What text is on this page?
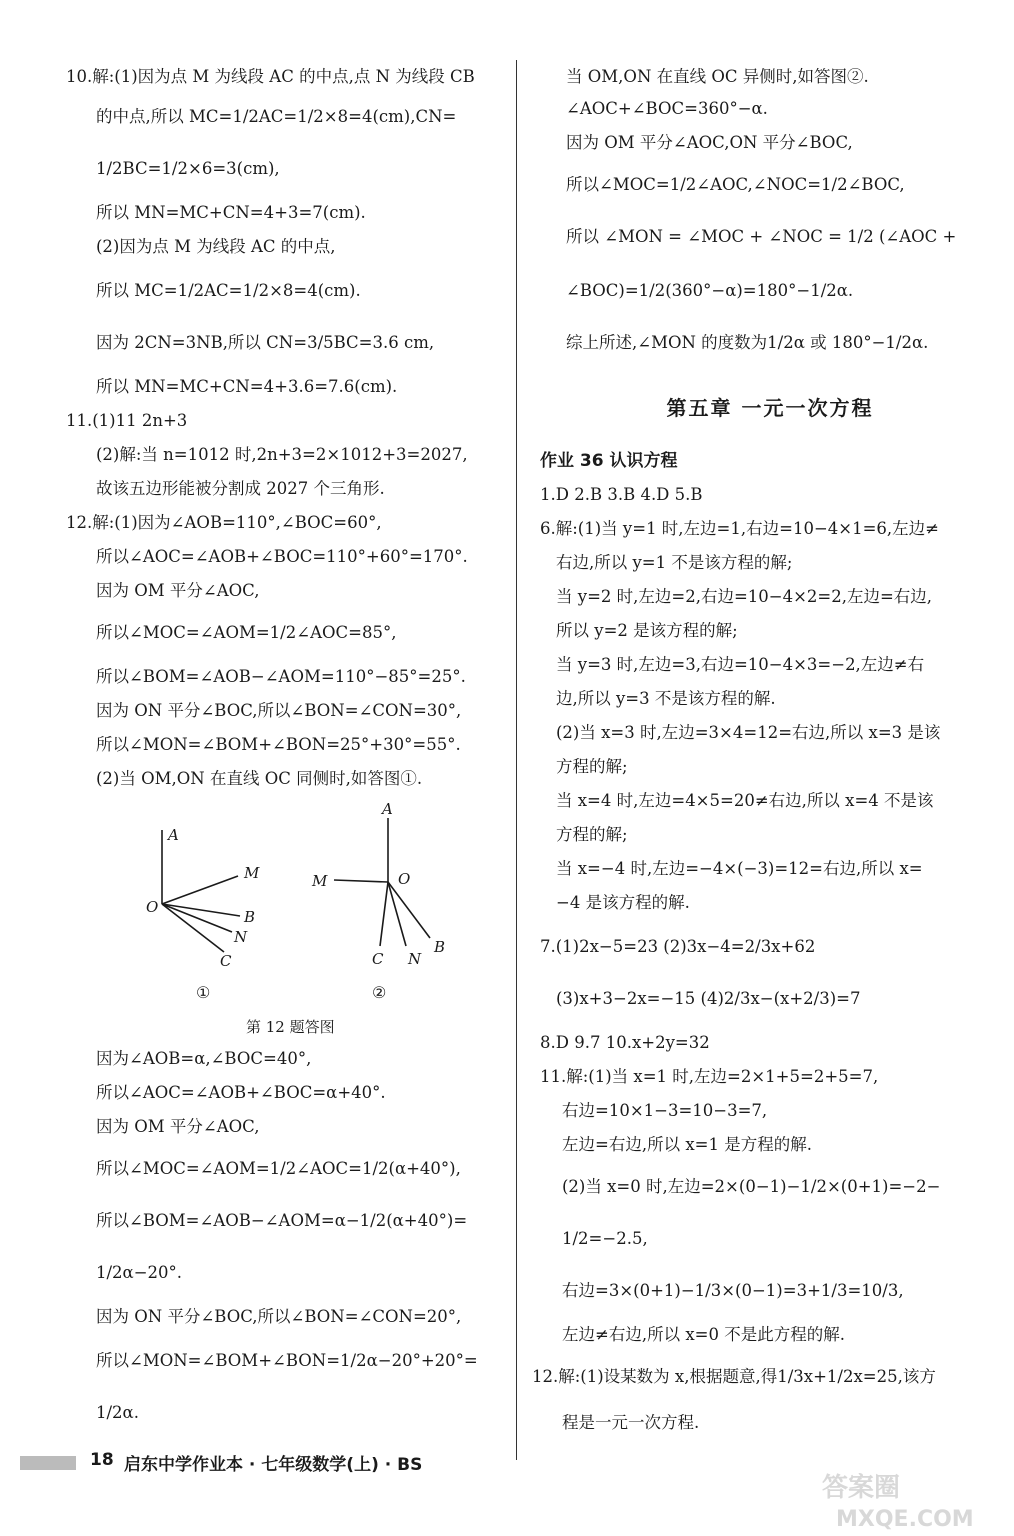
10.解:(1)因为点 M 为线段 AC 的中点,点 N 为线段 CB
的中点,所以 MC=1/2AC=1/2×8=4(cm),CN=
1/2BC=1/2×6=3(cm),
所以 MN=MC+CN=4+3=7(cm).
(2)因为点 M 为线段 AC 的中点,
所以 MC=1/2AC=1/2×8=4(cm).
因为 2CN=3NB,所以 CN=3/5BC=3.6 cm,
所以 MN=MC+CN=4+3.6=7.6(cm).
11.(1)11 2n+3
(2)解:当 n=1012 时,2n+3=2×1012+3=2027,
故该五边形能被分割成 2027 个三角形.
12.解:(1)因为∠AOB=110°,∠BOC=60°,
所以∠AOC=∠AOB+∠BOC=110°+60°=170°.
因为 OM 平分∠AOC,
所以∠MOC=∠AOM=1/2∠AOC=85°,
所以∠BOM=∠AOB−∠AOM=110°−85°=25°.
因为 ON 平分∠BOC,所以∠BON=∠CON=30°,
所以∠MON=∠BOM+∠BON=25°+30°=55°.
(2)当 OM,ON 在直线 OC 同侧时,如答图①.
因为∠AOB=α,∠BOC=40°,
所以∠AOC=∠AOB+∠BOC=α+40°.
因为 OM 平分∠AOC,
所以∠MOC=∠AOM=1/2∠AOC=1/2(α+40°),
所以∠BOM=∠AOB−∠AOM=α−1/2(α+40°)=
1/2α−20°.
因为 ON 平分∠BOC,所以∠BON=∠CON=20°,
所以∠MON=∠BOM+∠BON=1/2α−20°+20°=
1/2α.
当 OM,ON 在直线 OC 异侧时,如答图②.
∠AOC+∠BOC=360°−α.
因为 OM 平分∠AOC,ON 平分∠BOC,
所以∠MOC=1/2∠AOC,∠NOC=1/2∠BOC,
所以 ∠MON = ∠MOC + ∠NOC = 1/2 (∠AOC +
∠BOC)=1/2(360°−α)=180°−1/2α.
综上所述,∠MON 的度数为1/2α 或 180°−1/2α.
1.D 2.B 3.B 4.D 5.B
6.解:(1)当 y=1 时,左边=1,右边=10−4×1=6,左边≠
右边,所以 y=1 不是该方程的解;
当 y=2 时,左边=2,右边=10−4×2=2,左边=右边,
所以 y=2 是该方程的解;
当 y=3 时,左边=3,右边=10−4×3=−2,左边≠右
边,所以 y=3 不是该方程的解.
(2)当 x=3 时,左边=3×4=12=右边,所以 x=3 是该
方程的解;
当 x=4 时,左边=4×5=20≠右边,所以 x=4 不是该
方程的解;
当 x=−4 时,左边=−4×(−3)=12=右边,所以 x=
−4 是该方程的解.
7.(1)2x−5=23 (2)3x−4=2/3x+62
(3)x+3−2x=−15 (4)2/3x−(x+2/3)=7
8.D 9.7 10.x+2y=32
11.解:(1)当 x=1 时,左边=2×1+5=2+5=7,
右边=10×1−3=10−3=7,
左边=右边,所以 x=1 是方程的解.
(2)当 x=0 时,左边=2×(0−1)−1/2×(0+1)=−2−
1/2=−2.5,
右边=3×(0+1)−1/3×(0−1)=3+1/3=10/3,
左边≠右边,所以 x=0 不是此方程的解.
12.解:(1)设某数为 x,根据题意,得1/3x+1/2x=25,该方
程是一元一次方程.
第五章 一元一次方程
作业 36 认识方程
A
M
O
B
N
C
①
A
M	O
C N
B
②
第 12 题答图
18 启东中学作业本 · 七年级数学(上) · BS
答案圈
MXQE.COM
